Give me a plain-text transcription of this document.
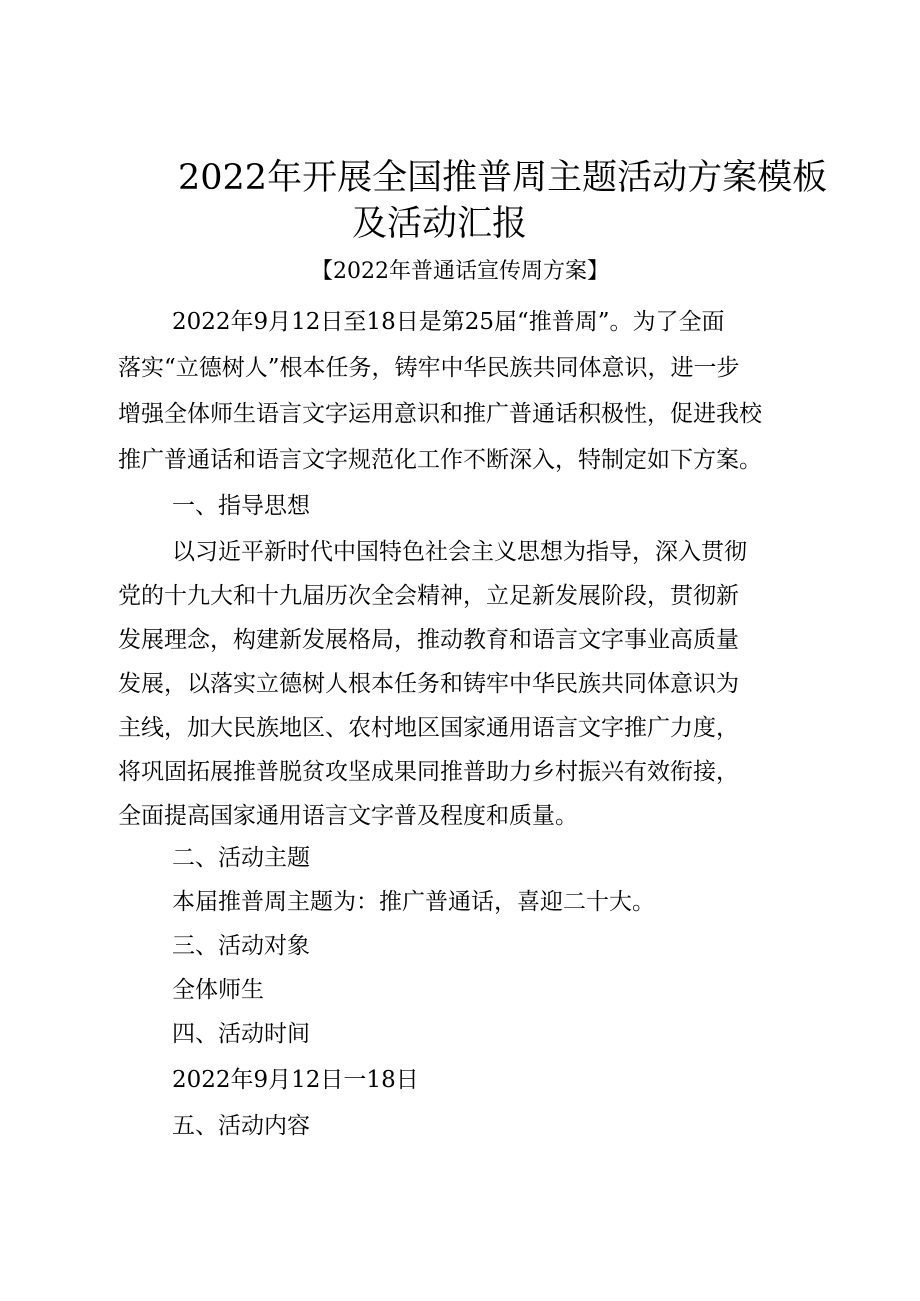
2022年开展全国推普周主题活动方案模板
及活动汇报
【2022年普通话宣传周方案】
2022年9月12日至18日是第25届“推普周”。为了全面
落实“立德树人”根本任务，铸牢中华民族共同体意识，进一步
增强全体师生语言文字运用意识和推广普通话积极性，促进我校
推广普通话和语言文字规范化工作不断深入，特制定如下方案。
一、指导思想
以习近平新时代中国特色社会主义思想为指导，深入贯彻
党的十九大和十九届历次全会精神，立足新发展阶段，贯彻新
发展理念，构建新发展格局，推动教育和语言文字事业高质量
发展，以落实立德树人根本任务和铸牢中华民族共同体意识为
主线，加大民族地区、农村地区国家通用语言文字推广力度，
将巩固拓展推普脱贫攻坚成果同推普助力乡村振兴有效衔接，
全面提高国家通用语言文字普及程度和质量。
二、活动主题
本届推普周主题为：推广普通话，喜迎二十大。
三、活动对象
全体师生
四、活动时间
2022年9月12日一18日
五、活动内容
